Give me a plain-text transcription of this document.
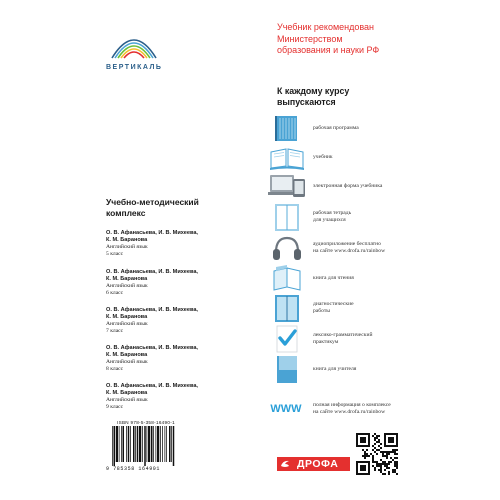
ВЕРТИКАЛЬ
Учебник рекомендован
Министерством
образования и науки РФ
К каждому курсу
выпускаются
рабочая программа
учебник
электронная форма учебника
рабочая тетрадь
для учащихся
аудиоприложение бесплатно
на сайте www.drofa.ru/rainbow
книга для чтения
диагностические
работы
лексико-грамматический
практикум
книга для учителя
WWW полная информация о комплексе
на сайте www.drofa.ru/rainbow
Учебно-методический
комплекс
О. В. Афанасьева, И. В. Михеева,
К. М. Баранова
Английский язык
5 класс
О. В. Афанасьева, И. В. Михеева,
К. М. Баранова
Английский язык
6 класс
О. В. Афанасьева, И. В. Михеева,
К. М. Баранова
Английский язык
7 класс
О. В. Афанасьева, И. В. Михеева,
К. М. Баранова
Английский язык
8 класс
О. В. Афанасьева, И. В. Михеева,
К. М. Баранова
Английский язык
9 класс
ISBN 978-5-358-16490-1
9 785358 164901	ДРОФА
